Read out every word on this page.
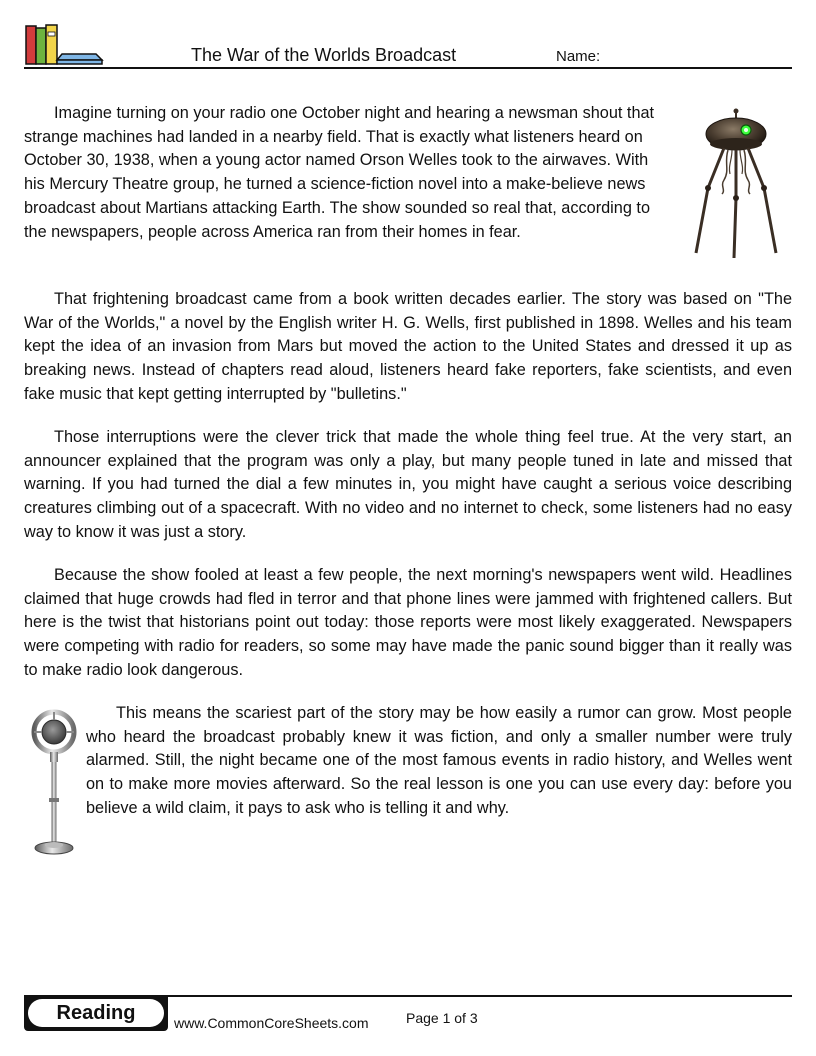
The War of the Worlds Broadcast	Name:

Imagine turning on your radio one October night and hearing a newsman shout that strange machines had landed in a nearby field. That is exactly what listeners heard on October 30, 1938, when a young actor named Orson Welles took to the airwaves. With his Mercury Theatre group, he turned a science-fiction novel into a make-believe news broadcast about Martians attacking Earth. The show sounded so real that, according to the newspapers, people across America ran from their homes in fear.

That frightening broadcast came from a book written decades earlier. The story was based on "The War of the Worlds," a novel by the English writer H. G. Wells, first published in 1898. Welles and his team kept the idea of an invasion from Mars but moved the action to the United States and dressed it up as breaking news. Instead of chapters read aloud, listeners heard fake reporters, fake scientists, and even fake music that kept getting interrupted by "bulletins."

Those interruptions were the clever trick that made the whole thing feel true. At the very start, an announcer explained that the program was only a play, but many people tuned in late and missed that warning. If you had turned the dial a few minutes in, you might have caught a serious voice describing creatures climbing out of a spacecraft. With no video and no internet to check, some listeners had no easy way to know it was just a story.

Because the show fooled at least a few people, the next morning's newspapers went wild. Headlines claimed that huge crowds had fled in terror and that phone lines were jammed with frightened callers. But here is the twist that historians point out today: those reports were most likely exaggerated. Newspapers were competing with radio for readers, so some may have made the panic sound bigger than it really was to make radio look dangerous.

This means the scariest part of the story may be how easily a rumor can grow. Most people who heard the broadcast probably knew it was fiction, and only a smaller number were truly alarmed. Still, the night became one of the most famous events in radio history, and Welles went on to make more movies afterward. So the real lesson is one you can use every day: before you believe a wild claim, it pays to ask who is telling it and why.

Reading	www.CommonCoreSheets.com	Page 1 of 3
